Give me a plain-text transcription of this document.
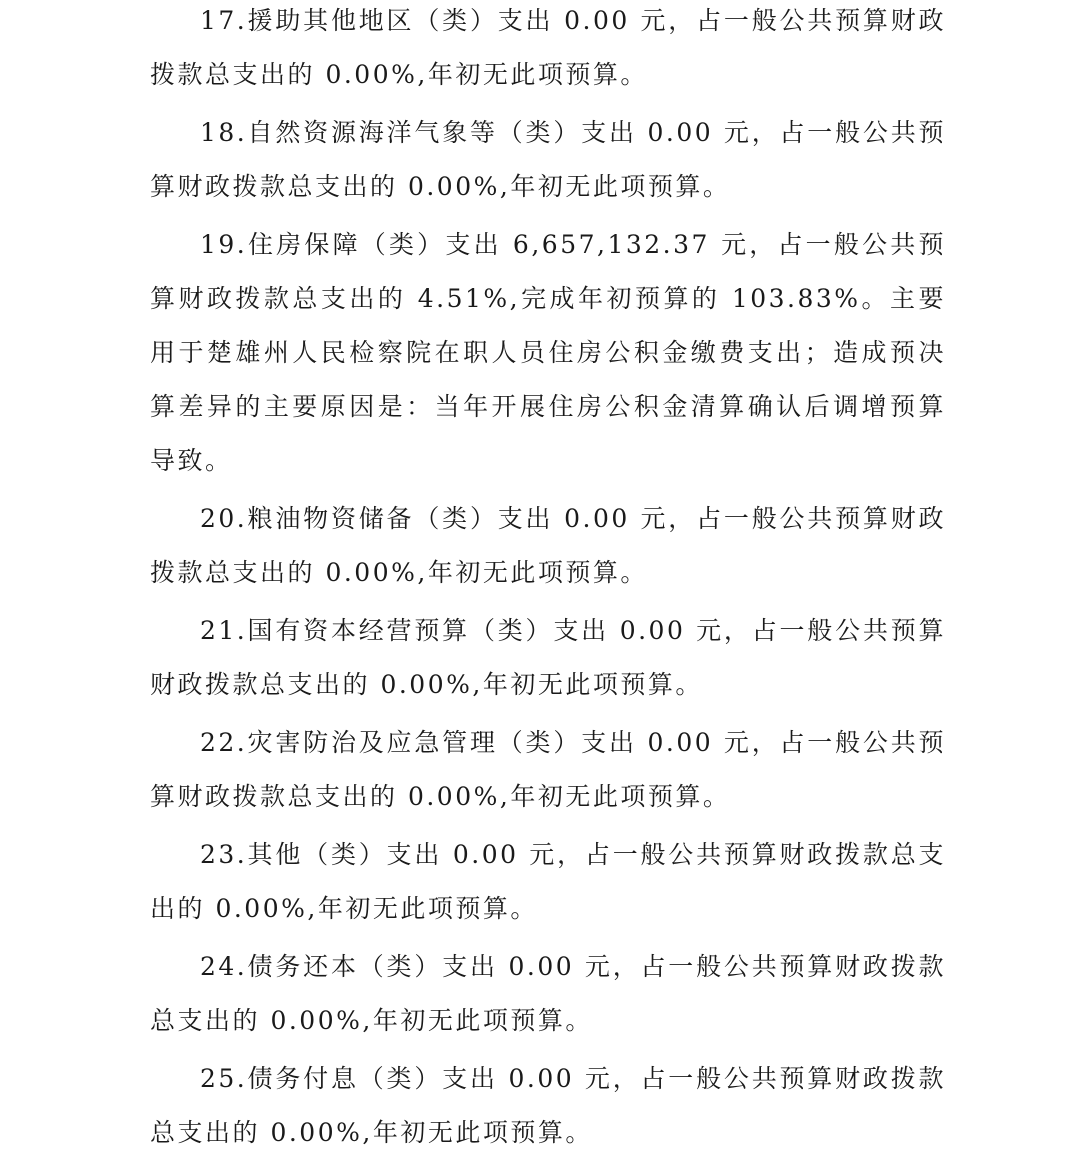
17.援助其他地区（类）支出 0.00 元，占一般公共预算财政拨款总支出的 0.00%,年初无此项预算。

18.自然资源海洋气象等（类）支出 0.00 元，占一般公共预算财政拨款总支出的 0.00%,年初无此项预算。

19.住房保障（类）支出 6,657,132.37 元，占一般公共预算财政拨款总支出的 4.51%,完成年初预算的 103.83%。主要用于楚雄州人民检察院在职人员住房公积金缴费支出；造成预决算差异的主要原因是：当年开展住房公积金清算确认后调增预算导致。

20.粮油物资储备（类）支出 0.00 元，占一般公共预算财政拨款总支出的 0.00%,年初无此项预算。

21.国有资本经营预算（类）支出 0.00 元，占一般公共预算财政拨款总支出的 0.00%,年初无此项预算。

22.灾害防治及应急管理（类）支出 0.00 元，占一般公共预算财政拨款总支出的 0.00%,年初无此项预算。

23.其他（类）支出 0.00 元，占一般公共预算财政拨款总支出的 0.00%,年初无此项预算。

24.债务还本（类）支出 0.00 元，占一般公共预算财政拨款总支出的 0.00%,年初无此项预算。

25.债务付息（类）支出 0.00 元，占一般公共预算财政拨款总支出的 0.00%,年初无此项预算。
